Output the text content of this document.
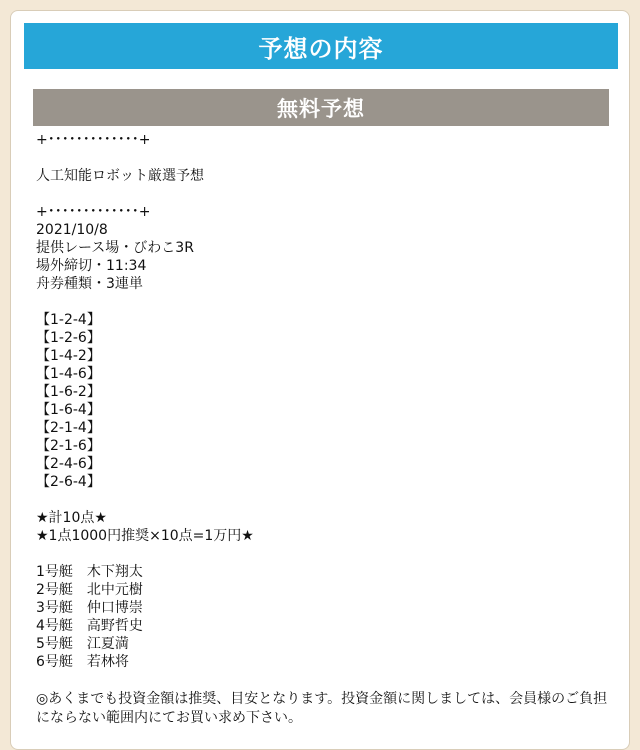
予想の内容
無料予想
+･････････････+
人工知能ロボット厳選予想
+･････････････+
2021/10/8
提供レース場・びわこ3R
場外締切・11:34
舟券種類・3連単
【1-2-4】
【1-2-6】
【1-4-2】
【1-4-6】
【1-6-2】
【1-6-4】
【2-1-4】
【2-1-6】
【2-4-6】
【2-6-4】
★計10点★
★1点1000円推奨×10点=1万円★
1号艇　木下翔太
2号艇　北中元樹
3号艇　仲口博崇
4号艇　高野哲史
5号艇　江夏満
6号艇　若林将
◎あくまでも投資金額は推奨、目安となります。投資金額に関しましては、会員様のご負担にならない範囲内にてお買い求め下さい。
